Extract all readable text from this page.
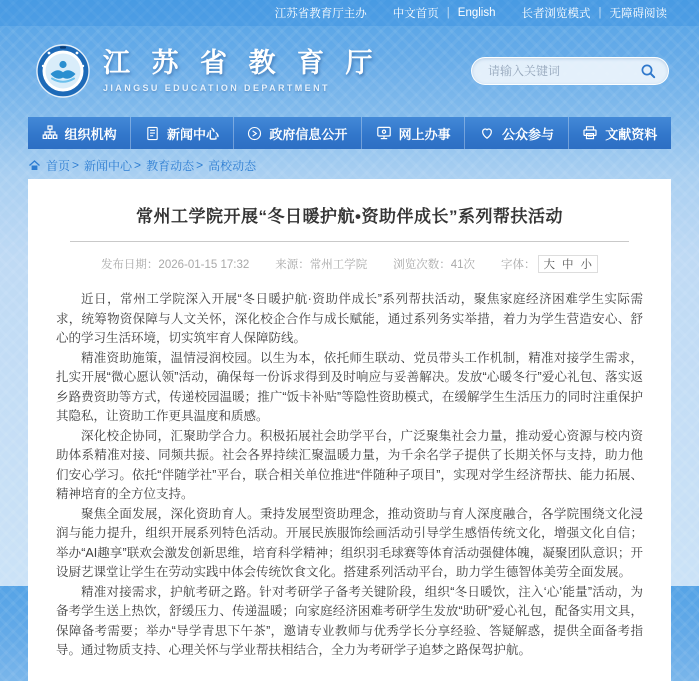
江苏省教育厅主办 中文首页 | English 长者浏览模式 | 无障碍阅读
江 苏 省 教 育 厅
JIANGSU EDUCATION DEPARTMENT
请输入关键词
组织机构	新闻中心	政府信息公开	网上办事	公众参与	文献资料
首页 > 新闻中心 > 教育动态 > 高校动态
常州工学院开展“冬日暖护航•资助伴成长”系列帮扶活动
发布日期：2026-01-15 17:32 来源：常州工学院 浏览次数：41次 字体： 大 中 小

近日，常州工学院深入开展“冬日暖护航·资助伴成长”系列帮扶活动，聚焦家庭经济困难学生实际需求，统筹物资保障与人文关怀，深化校企合作与成长赋能，通过系列务实举措，着力为学生营造安心、舒心的学习生活环境，切实筑牢育人保障防线。

精准资助施策，温情浸润校园。以生为本，依托师生联动、党员带头工作机制，精准对接学生需求，扎实开展“微心愿认领”活动，确保每一份诉求得到及时响应与妥善解决。发放“心暖冬行”爱心礼包、落实返乡路费资助等方式，传递校园温暖；推广“饭卡补贴”等隐性资助模式，在缓解学生生活压力的同时注重保护其隐私，让资助工作更具温度和质感。

深化校企协同，汇聚助学合力。积极拓展社会助学平台，广泛聚集社会力量，推动爱心资源与校内资助体系精准对接、同频共振。社会各界持续汇聚温暖力量，为千余名学子提供了长期关怀与支持，助力他们安心学习。依托“伴随学社”平台，联合相关单位推进“伴随种子项目”，实现对学生经济帮扶、能力拓展、精神培育的全方位支持。

聚焦全面发展，深化资助育人。秉持发展型资助理念，推动资助与育人深度融合，各学院围绕文化浸润与能力提升，组织开展系列特色活动。开展民族服饰绘画活动引导学生感悟传统文化，增强文化自信；举办“AI趣享”联欢会激发创新思维，培育科学精神；组织羽毛球赛等体育活动强健体魄，凝聚团队意识；开设厨艺课堂让学生在劳动实践中体会传统饮食文化。搭建系列活动平台，助力学生德智体美劳全面发展。

精准对接需求，护航考研之路。针对考研学子备考关键阶段，组织“冬日暖饮，注入‘心’能量”活动，为备考学生送上热饮，舒缓压力、传递温暖；向家庭经济困难考研学生发放“助研”爱心礼包，配备实用文具，保障备考需要；举办“导学青思下午茶”，邀请专业教师与优秀学长分享经验、答疑解惑，提供全面备考指导。通过物质支持、心理关怀与学业帮扶相结合，全力为考研学子追梦之路保驾护航。
